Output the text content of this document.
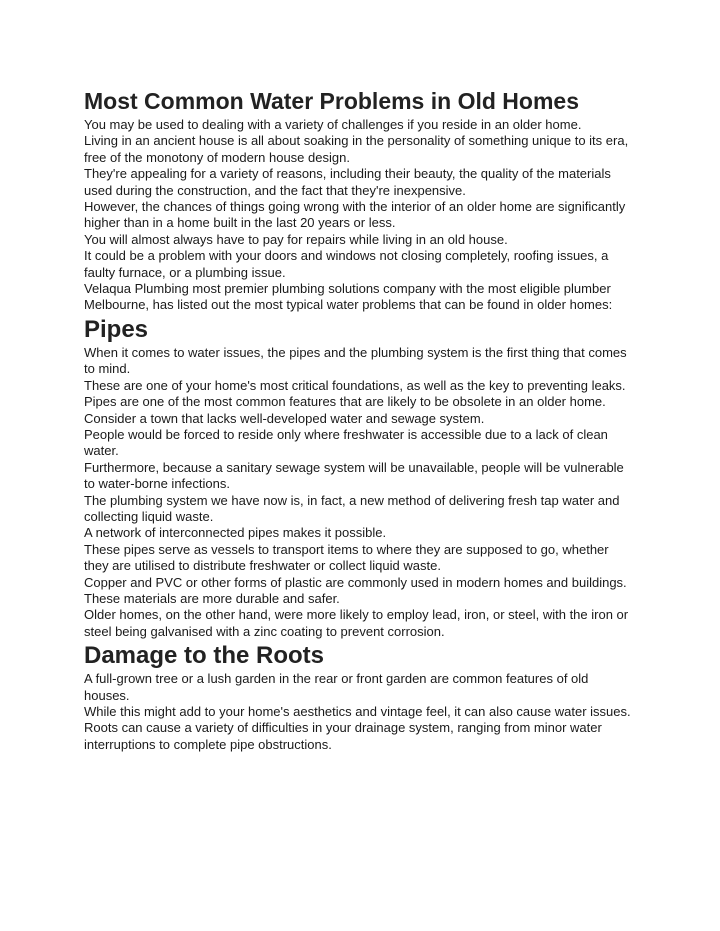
Most Common Water Problems in Old Homes

You may be used to dealing with a variety of challenges if you reside in an older home.

Living in an ancient house is all about soaking in the personality of something unique to its era, free of the monotony of modern house design.

They're appealing for a variety of reasons, including their beauty, the quality of the materials used during the construction, and the fact that they're inexpensive.

However, the chances of things going wrong with the interior of an older home are significantly higher than in a home built in the last 20 years or less.

You will almost always have to pay for repairs while living in an old house.

It could be a problem with your doors and windows not closing completely, roofing issues, a faulty furnace, or a plumbing issue.

Velaqua Plumbing most premier plumbing solutions company with the most eligible plumber Melbourne, has listed out the most typical water problems that can be found in older homes:

Pipes

When it comes to water issues, the pipes and the plumbing system is the first thing that comes to mind.

These are one of your home's most critical foundations, as well as the key to preventing leaks.

Pipes are one of the most common features that are likely to be obsolete in an older home.

Consider a town that lacks well-developed water and sewage system.

People would be forced to reside only where freshwater is accessible due to a lack of clean water.

Furthermore, because a sanitary sewage system will be unavailable, people will be vulnerable to water-borne infections.

The plumbing system we have now is, in fact, a new method of delivering fresh tap water and collecting liquid waste.

A network of interconnected pipes makes it possible.

These pipes serve as vessels to transport items to where they are supposed to go, whether they are utilised to distribute freshwater or collect liquid waste.

Copper and PVC or other forms of plastic are commonly used in modern homes and buildings.

These materials are more durable and safer.

Older homes, on the other hand, were more likely to employ lead, iron, or steel, with the iron or steel being galvanised with a zinc coating to prevent corrosion.

Damage to the Roots

A full-grown tree or a lush garden in the rear or front garden are common features of old houses.

While this might add to your home's aesthetics and vintage feel, it can also cause water issues.

Roots can cause a variety of difficulties in your drainage system, ranging from minor water interruptions to complete pipe obstructions.
